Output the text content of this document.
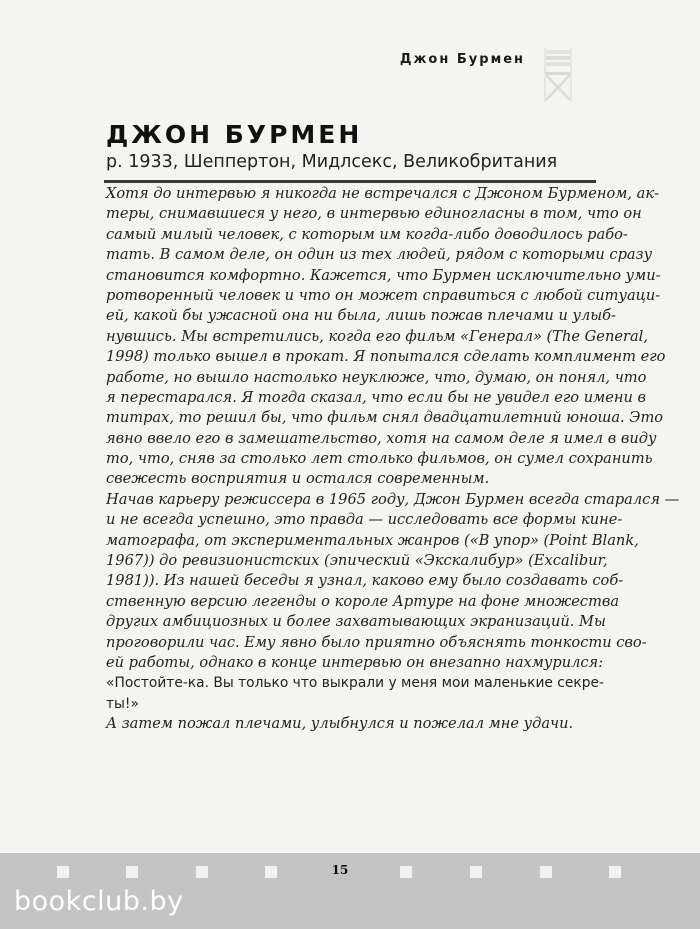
Джон Бурмен
ДЖОН БУРМЕН
р. 1933, Шеппертон, Мидлсекс, Великобритания
Хотя до интервью я никогда не встречался с Джоном Бурменом, ак-
теры, снимавшиеся у него, в интервью единогласны в том, что он
самый милый человек, с которым им когда-либо доводилось рабо-
тать. В самом деле, он один из тех людей, рядом с которыми сразу
становится комфортно. Кажется, что Бурмен исключительно уми-
ротворенный человек и что он может справиться с любой ситуаци-
ей, какой бы ужасной она ни была, лишь пожав плечами и улыб-
нувшись. Мы встретились, когда его фильм «Генерал» (The General,
1998) только вышел в прокат. Я попытался сделать комплимент его
работе, но вышло настолько неуклюже, что, думаю, он понял, что
я перестарался. Я тогда сказал, что если бы не увидел его имени в
титрах, то решил бы, что фильм снял двадцатилетний юноша. Это
явно ввело его в замешательство, хотя на самом деле я имел в виду
то, что, сняв за столько лет столько фильмов, он сумел сохранить
свежесть восприятия и остался современным.
Начав карьеру режиссера в 1965 году, Джон Бурмен всегда старался —
и не всегда успешно, это правда — исследовать все формы кине-
матографа, от экспериментальных жанров («В упор» (Point Blank,
1967)) до ревизионистских (эпический «Экскалибур» (Excalibur,
1981)). Из нашей беседы я узнал, каково ему было создавать соб-
ственную версию легенды о короле Артуре на фоне множества
других амбициозных и более захватывающих экранизаций. Мы
проговорили час. Ему явно было приятно объяснять тонкости сво-
ей работы, однако в конце интервью он внезапно нахмурился:
«Постойте-ка. Вы только что выкрали у меня мои маленькие секре-
ты!»
А затем пожал плечами, улыбнулся и пожелал мне удачи.
15
bookclub.by
